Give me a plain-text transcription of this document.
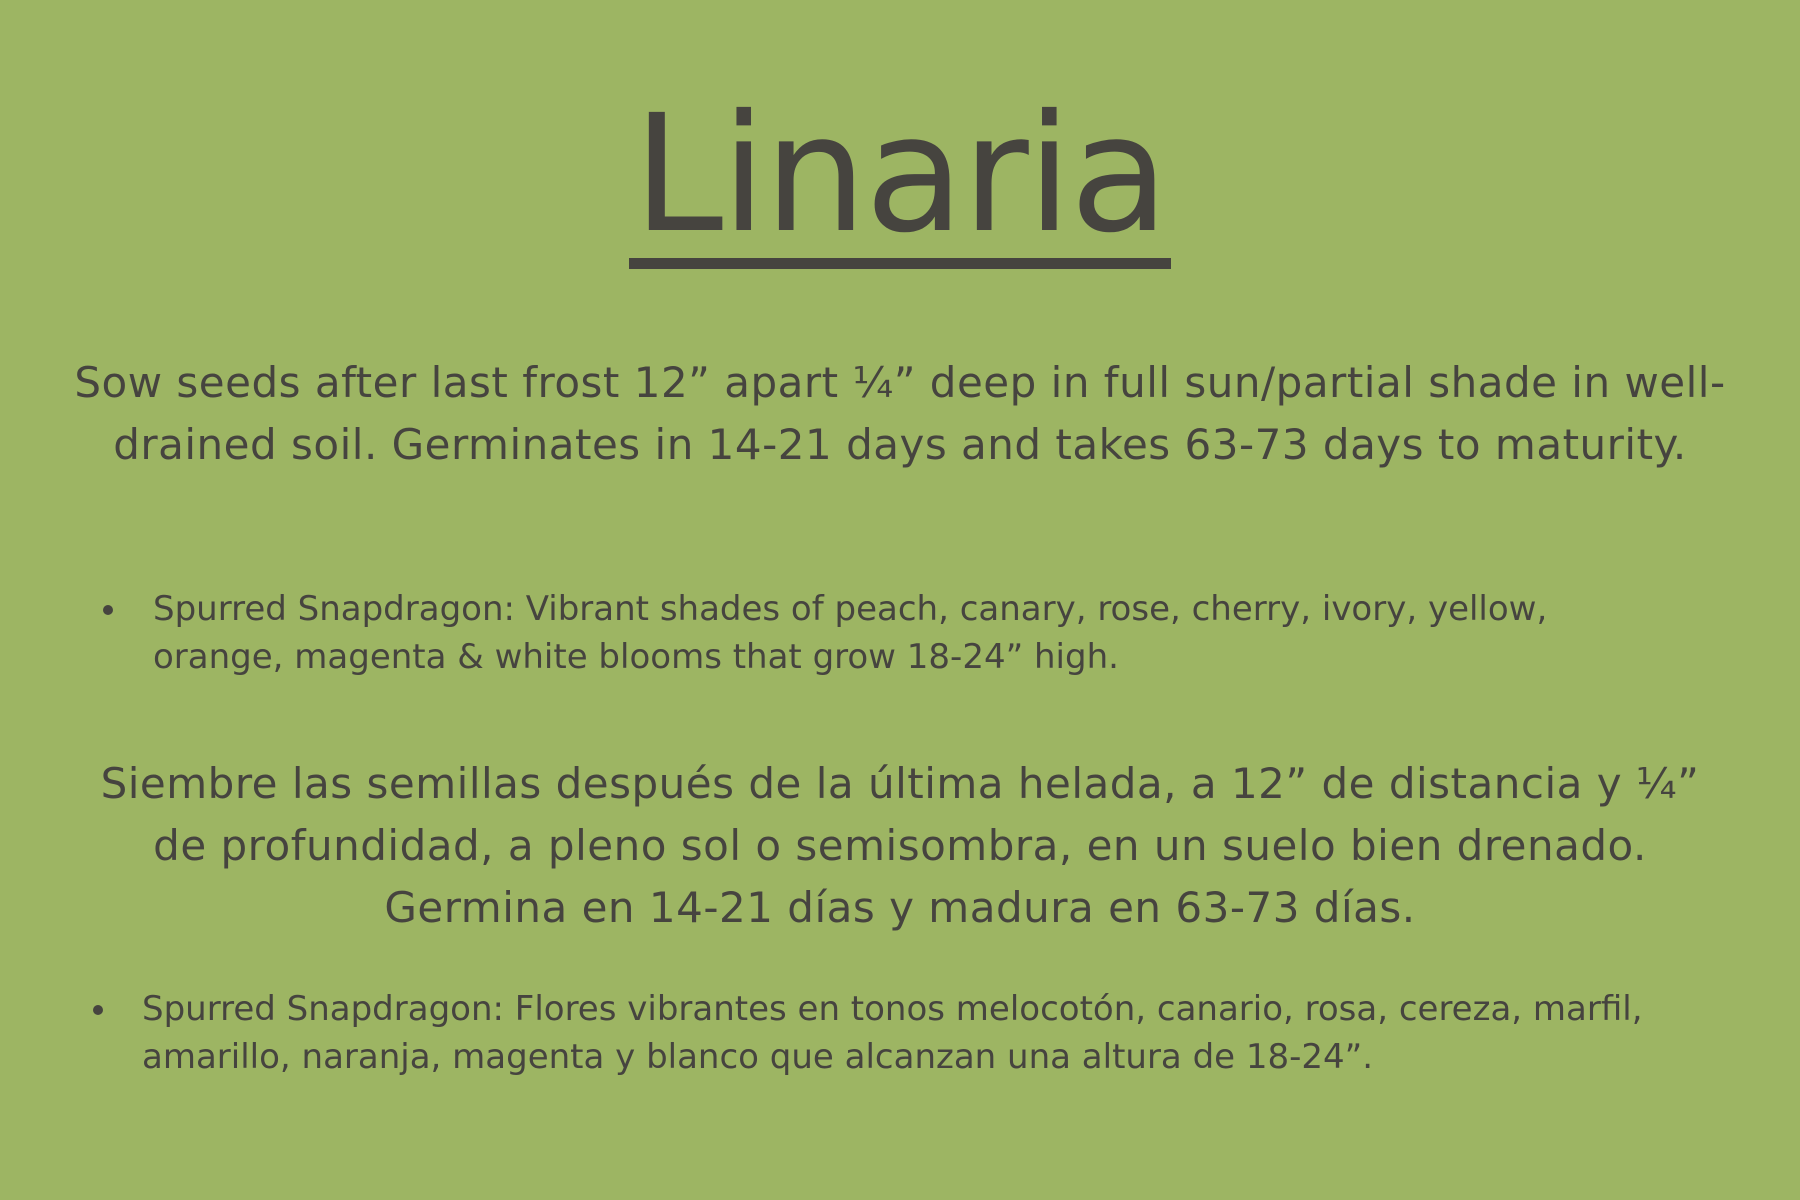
Linaria

Sow seeds after last frost 12” apart ¼” deep in full sun/partial shade in well-drained soil. Germinates in 14-21 days and takes 63-73 days to maturity.

Spurred Snapdragon: Vibrant shades of peach, canary, rose, cherry, ivory, yellow, orange, magenta & white blooms that grow 18-24” high.

Siembre las semillas después de la última helada, a 12” de distancia y ¼” de profundidad, a pleno sol o semisombra, en un suelo bien drenado. Germina en 14-21 días y madura en 63-73 días.

Spurred Snapdragon: Flores vibrantes en tonos melocotón, canario, rosa, cereza, marfil, amarillo, naranja, magenta y blanco que alcanzan una altura de 18-24”.
